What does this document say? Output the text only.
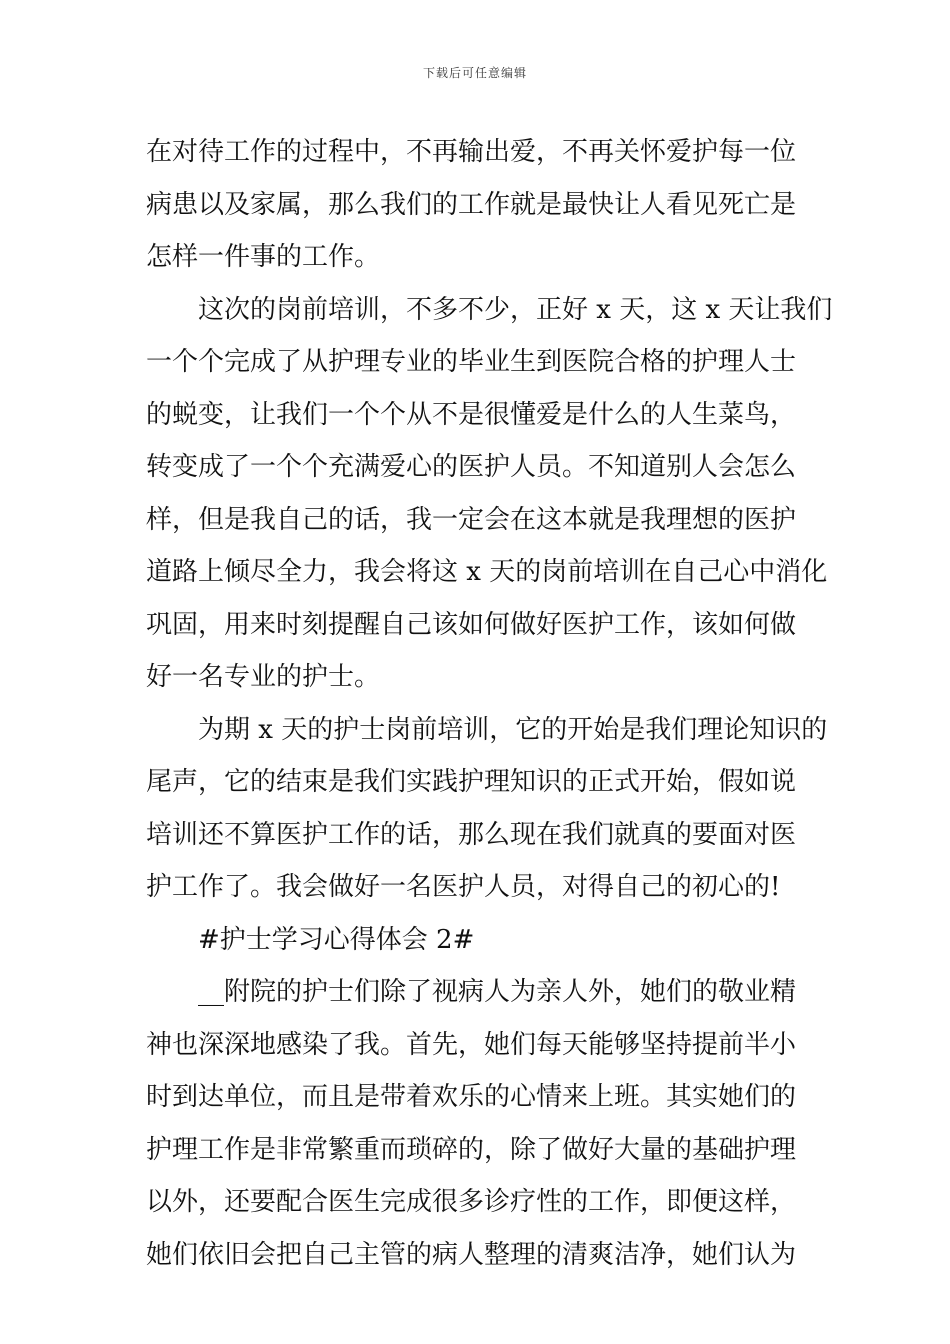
下载后可任意编辑
在对待工作的过程中，不再输出爱，不再关怀爱护每一位
病患以及家属，那么我们的工作就是最快让人看见死亡是
怎样一件事的工作。
这次的岗前培训，不多不少，正好 x 天，这 x 天让我们
一个个完成了从护理专业的毕业生到医院合格的护理人士
的蜕变，让我们一个个从不是很懂爱是什么的人生菜鸟，
转变成了一个个充满爱心的医护人员。不知道别人会怎么
样，但是我自己的话，我一定会在这本就是我理想的医护
道路上倾尽全力，我会将这 x 天的岗前培训在自己心中消化
巩固，用来时刻提醒自己该如何做好医护工作，该如何做
好一名专业的护士。
为期 x 天的护士岗前培训，它的开始是我们理论知识的
尾声，它的结束是我们实践护理知识的正式开始，假如说
培训还不算医护工作的话，那么现在我们就真的要面对医
护工作了。我会做好一名医护人员，对得自己的初心的!
#护士学习心得体会 2#
__附院的护士们除了视病人为亲人外，她们的敬业精
神也深深地感染了我。首先，她们每天能够坚持提前半小
时到达单位，而且是带着欢乐的心情来上班。其实她们的
护理工作是非常繁重而琐碎的，除了做好大量的基础护理
以外，还要配合医生完成很多诊疗性的工作，即便这样，
她们依旧会把自己主管的病人整理的清爽洁净，她们认为
